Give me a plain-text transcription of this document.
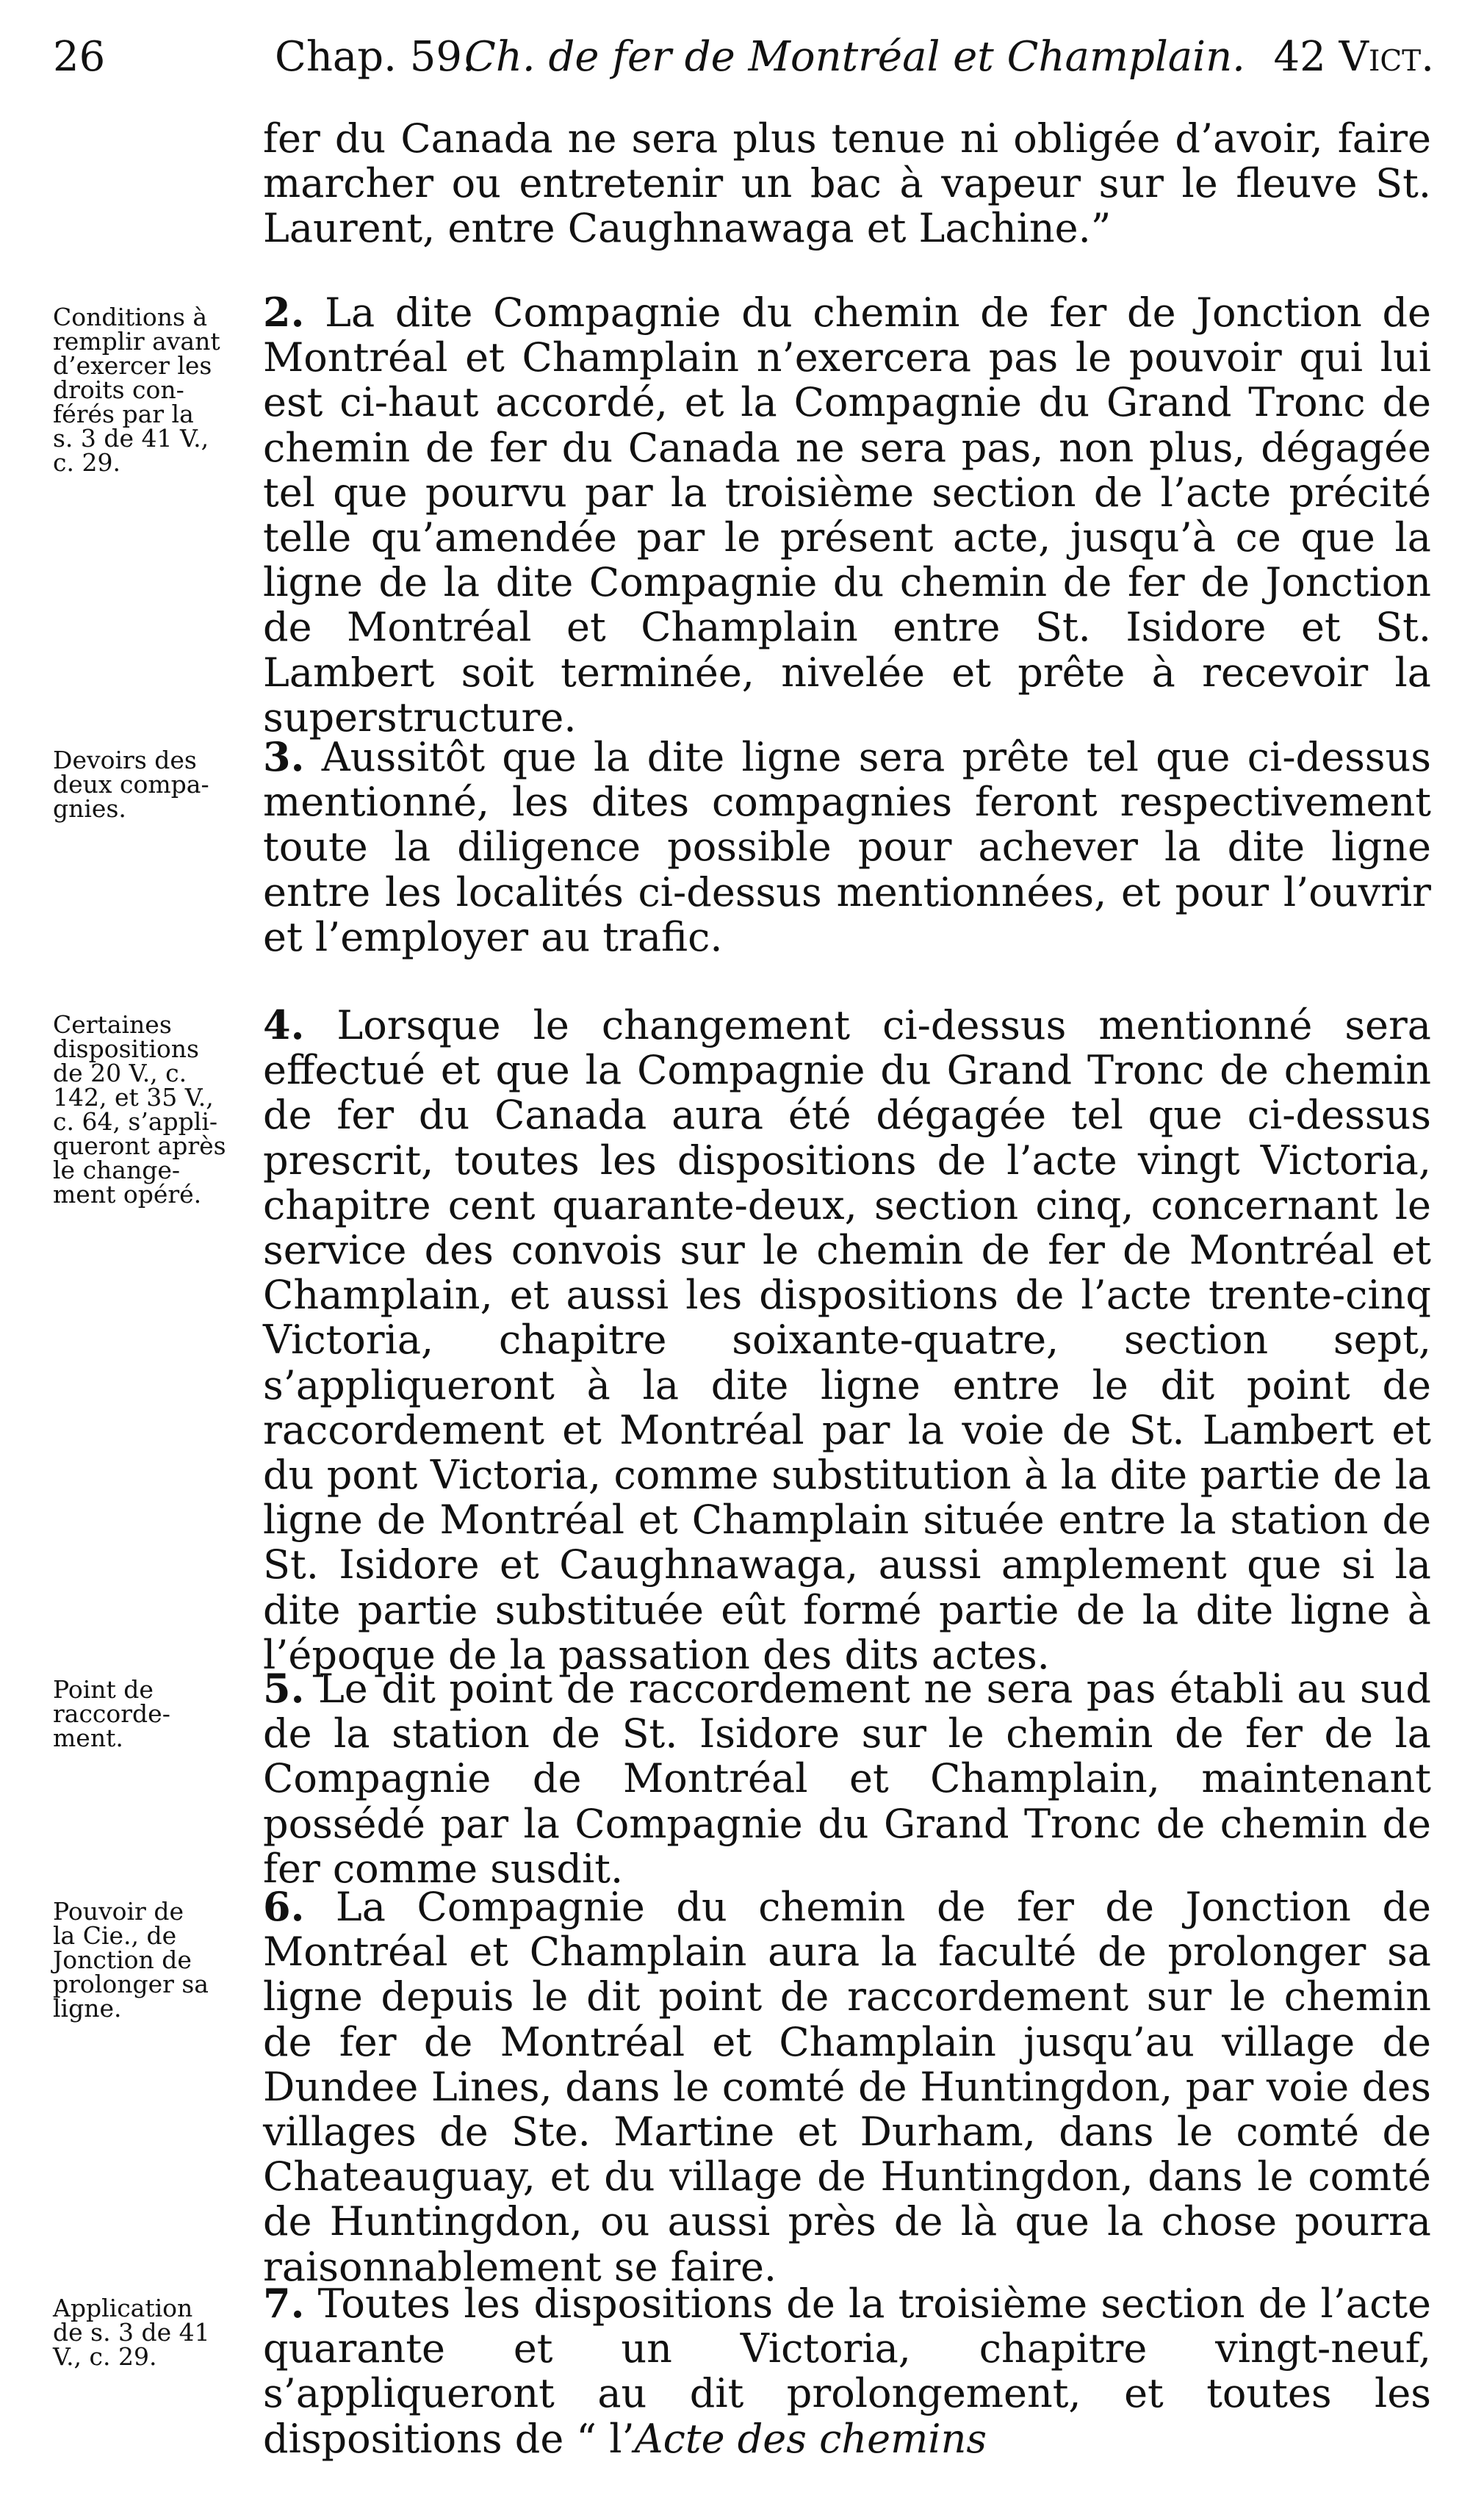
26	Chap. 59.
Ch. de fer de Montréal et Champlain. 42 Vict.

fer du Canada ne sera plus tenue ni obligée d’avoir, faire marcher ou entretenir un bac à vapeur sur le fleuve St. Laurent, entre Caughnawaga et Lachine.”

2. La dite Compagnie du chemin de fer de Jonction de Montréal et Champlain n’exercera pas le pouvoir qui lui est ci-haut accordé, et la Compagnie du Grand Tronc de chemin de fer du Canada ne sera pas, non plus, dégagée tel que pourvu par la troisième section de l’acte précité telle qu’amendée par le présent acte, jusqu’à ce que la ligne de la dite Compagnie du chemin de fer de Jonction de Montréal et Champlain entre St. Isidore et St. Lambert soit terminée, nivelée et prête à recevoir la superstructure.

Conditions à
remplir avant
d’exercer les
droits con-
férés par la
s. 3 de 41 V.,
c. 29.

3. Aussitôt que la dite ligne sera prête tel que ci-dessus mentionné, les dites compagnies feront respectivement toute la diligence possible pour achever la dite ligne entre les localités ci-dessus mentionnées, et pour l’ouvrir et l’employer au trafic.

Devoirs des
deux compa-
gnies.

4. Lorsque le changement ci-dessus mentionné sera effectué et que la Compagnie du Grand Tronc de chemin de fer du Canada aura été dégagée tel que ci-dessus prescrit, toutes les dispositions de l’acte vingt Victoria, chapitre cent quarante-deux, section cinq, concernant le service des convois sur le chemin de fer de Montréal et Champlain, et aussi les dispositions de l’acte trente-cinq Victoria, chapitre soixante-quatre, section sept, s’appliqueront à la dite ligne entre le dit point de raccordement et Montréal par la voie de St. Lambert et du pont Victoria, comme substitution à la dite partie de la ligne de Montréal et Champlain située entre la station de St. Isidore et Caughnawaga, aussi amplement que si la dite partie substituée eût formé partie de la dite ligne à l’époque de la passation des dits actes.

Certaines
dispositions
de 20 V., c.
142, et 35 V.,
c. 64, s’appli-
queront après
le change-
ment opéré.

5. Le dit point de raccordement ne sera pas établi au sud de la station de St. Isidore sur le chemin de fer de la Compagnie de Montréal et Champlain, maintenant possédé par la Compagnie du Grand Tronc de chemin de fer comme susdit.

Point de
raccorde-
ment.

6. La Compagnie du chemin de fer de Jonction de Montréal et Champlain aura la faculté de prolonger sa ligne depuis le dit point de raccordement sur le chemin de fer de Montréal et Champlain jusqu’au village de Dundee Lines, dans le comté de Huntingdon, par voie des villages de Ste. Martine et Durham, dans le comté de Chateauguay, et du village de Huntingdon, dans le comté de Huntingdon, ou aussi près de là que la chose pourra raisonnablement se faire.

Pouvoir de
la Cie., de
Jonction de
prolonger sa
ligne.

7. Toutes les dispositions de la troisième section de l’acte quarante et un Victoria, chapitre vingt-neuf, s’appliqueront au dit prolongement, et toutes les dispositions de “ l’Acte des chemins

Application
de s. 3 de 41
V., c. 29.
